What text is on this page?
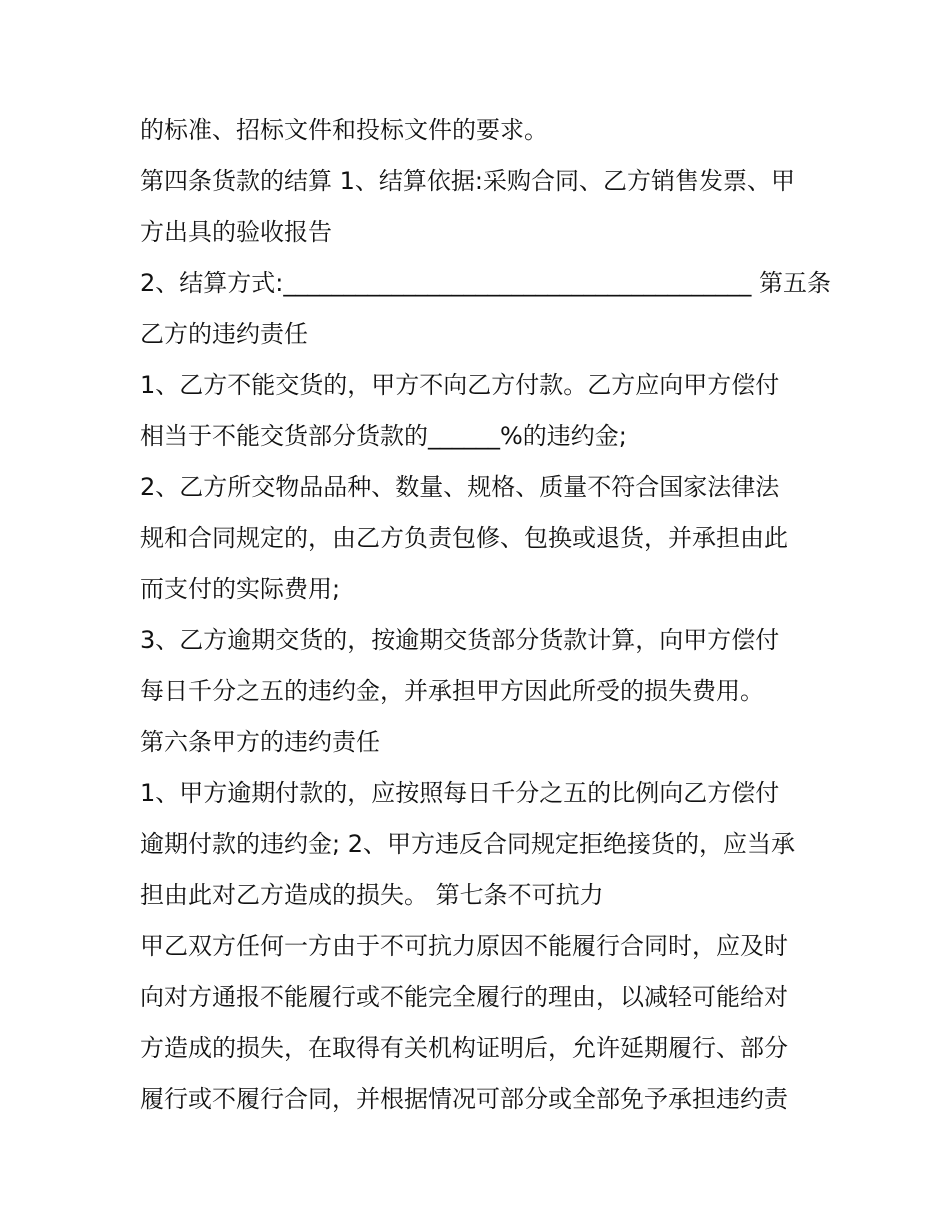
的标准、招标文件和投标文件的要求。
第四条货款的结算 1、结算依据:采购合同、乙方销售发票、甲
方出具的验收报告
2、结算方式:_______________________________________ 第五条
乙方的违约责任
1、乙方不能交货的，甲方不向乙方付款。乙方应向甲方偿付
相当于不能交货部分货款的______%的违约金;
2、乙方所交物品品种、数量、规格、质量不符合国家法律法
规和合同规定的，由乙方负责包修、包换或退货，并承担由此
而支付的实际费用;
3、乙方逾期交货的，按逾期交货部分货款计算，向甲方偿付
每日千分之五的违约金，并承担甲方因此所受的损失费用。
第六条甲方的违约责任
1、甲方逾期付款的，应按照每日千分之五的比例向乙方偿付
逾期付款的违约金; 2、甲方违反合同规定拒绝接货的，应当承
担由此对乙方造成的损失。 第七条不可抗力
甲乙双方任何一方由于不可抗力原因不能履行合同时，应及时
向对方通报不能履行或不能完全履行的理由，以减轻可能给对
方造成的损失，在取得有关机构证明后，允许延期履行、部分
履行或不履行合同，并根据情况可部分或全部免予承担违约责
